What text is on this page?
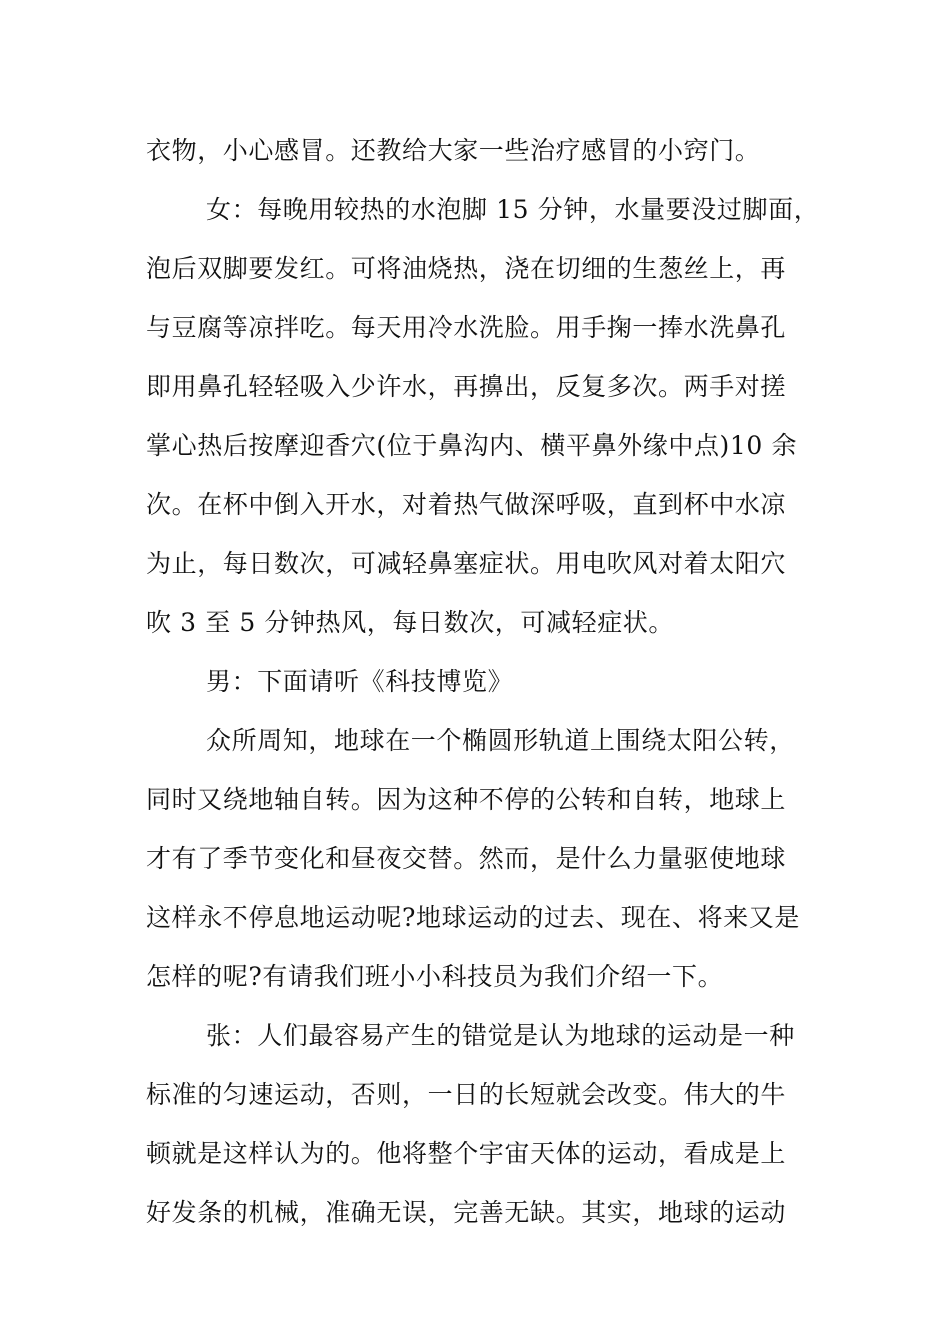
衣物，小心感冒。还教给大家一些治疗感冒的小窍门。
女：每晚用较热的水泡脚 15 分钟，水量要没过脚面，
泡后双脚要发红。可将油烧热，浇在切细的生葱丝上，再
与豆腐等凉拌吃。每天用冷水洗脸。用手掬一捧水洗鼻孔
即用鼻孔轻轻吸入少许水，再擤出，反复多次。两手对搓
掌心热后按摩迎香穴(位于鼻沟内、横平鼻外缘中点)10 余
次。在杯中倒入开水，对着热气做深呼吸，直到杯中水凉
为止，每日数次，可减轻鼻塞症状。用电吹风对着太阳穴
吹 3 至 5 分钟热风，每日数次，可减轻症状。
男：下面请听《科技博览》
众所周知，地球在一个椭圆形轨道上围绕太阳公转，
同时又绕地轴自转。因为这种不停的公转和自转，地球上
才有了季节变化和昼夜交替。然而，是什么力量驱使地球
这样永不停息地运动呢?地球运动的过去、现在、将来又是
怎样的呢?有请我们班小小科技员为我们介绍一下。
张：人们最容易产生的错觉是认为地球的运动是一种
标准的匀速运动，否则，一日的长短就会改变。伟大的牛
顿就是这样认为的。他将整个宇宙天体的运动，看成是上
好发条的机械，准确无误，完善无缺。其实，地球的运动
